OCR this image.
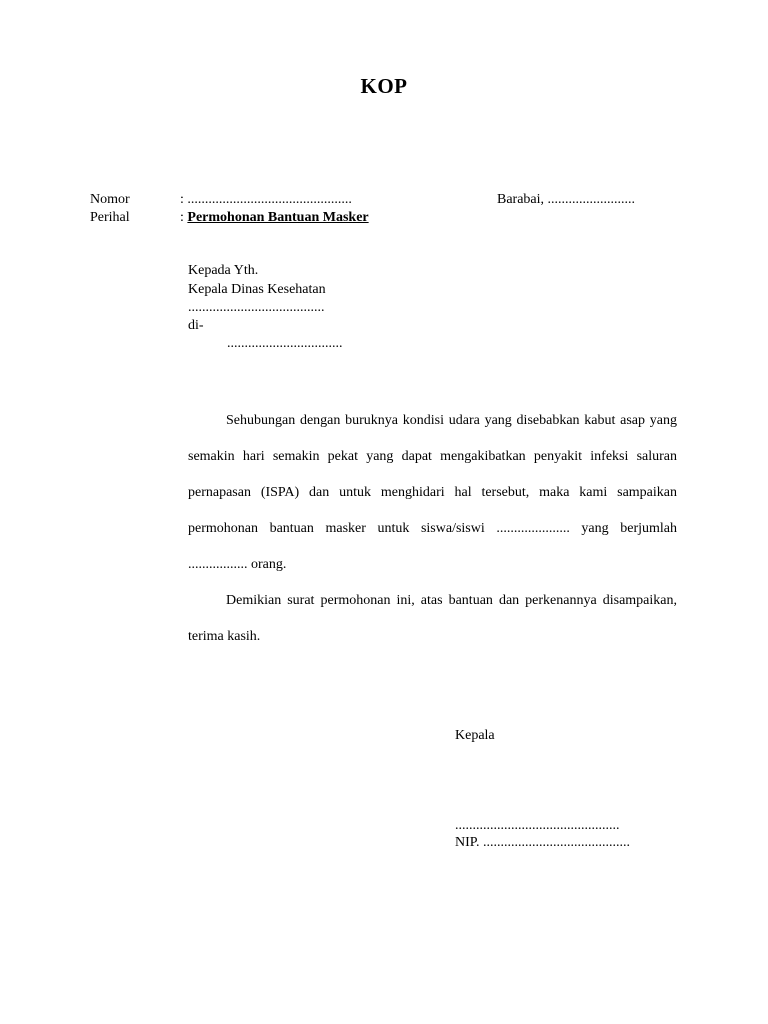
KOP
Nomor	: ...............................................
Perihal	: Permohonan Bantuan Masker
Barabai, .........................
Kepada Yth.
Kepala Dinas Kesehatan
.......................................
di-
.................................

Sehubungan dengan buruknya kondisi udara yang disebabkan kabut asap yang semakin hari semakin pekat yang dapat mengakibatkan penyakit infeksi saluran pernapasan (ISPA) dan untuk menghidari hal tersebut, maka kami sampaikan permohonan bantuan masker untuk siswa/siswi ..................... yang berjumlah ................. orang.

Demikian surat permohonan ini, atas bantuan dan perkenannya disampaikan, terima kasih.

Kepala
...............................................
NIP. ..........................................
